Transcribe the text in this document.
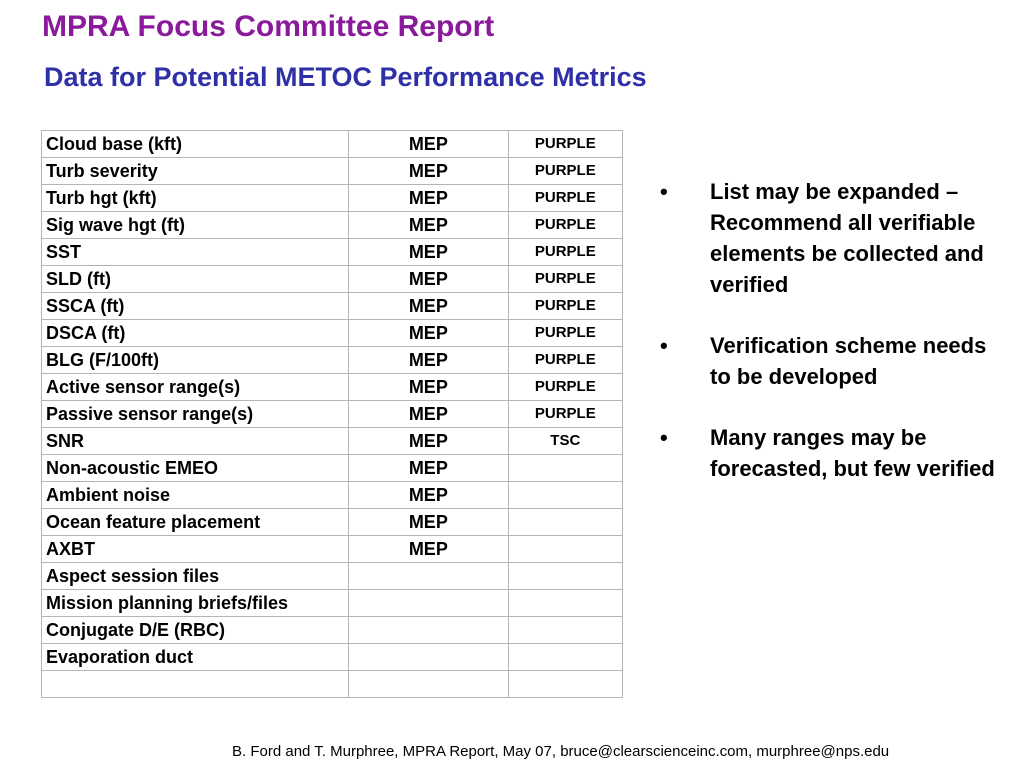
MPRA Focus Committee Report
Data for Potential METOC Performance Metrics
Cloud base (kft)	MEP	PURPLE
Turb severity	MEP	PURPLE
Turb hgt (kft)	MEP	PURPLE
Sig wave hgt (ft)	MEP	PURPLE
SST	MEP	PURPLE
SLD (ft)	MEP	PURPLE
SSCA (ft)	MEP	PURPLE
DSCA (ft)	MEP	PURPLE
BLG (F/100ft)	MEP	PURPLE
Active sensor range(s)	MEP	PURPLE
Passive sensor range(s)	MEP	PURPLE
SNR	MEP	TSC
Non-acoustic EMEO	MEP	
Ambient noise	MEP	
Ocean feature placement	MEP	
AXBT	MEP	
Aspect session files		
Mission planning briefs/files		
Conjugate D/E (RBC)		
Evaporation duct		

• List may be expanded – Recommend all verifiable elements be collected and verified
• Verification scheme needs to be developed
• Many ranges may be forecasted, but few verified

B. Ford and T. Murphree, MPRA Report, May 07, bruce@clearscienceinc.com, murphree@nps.edu
